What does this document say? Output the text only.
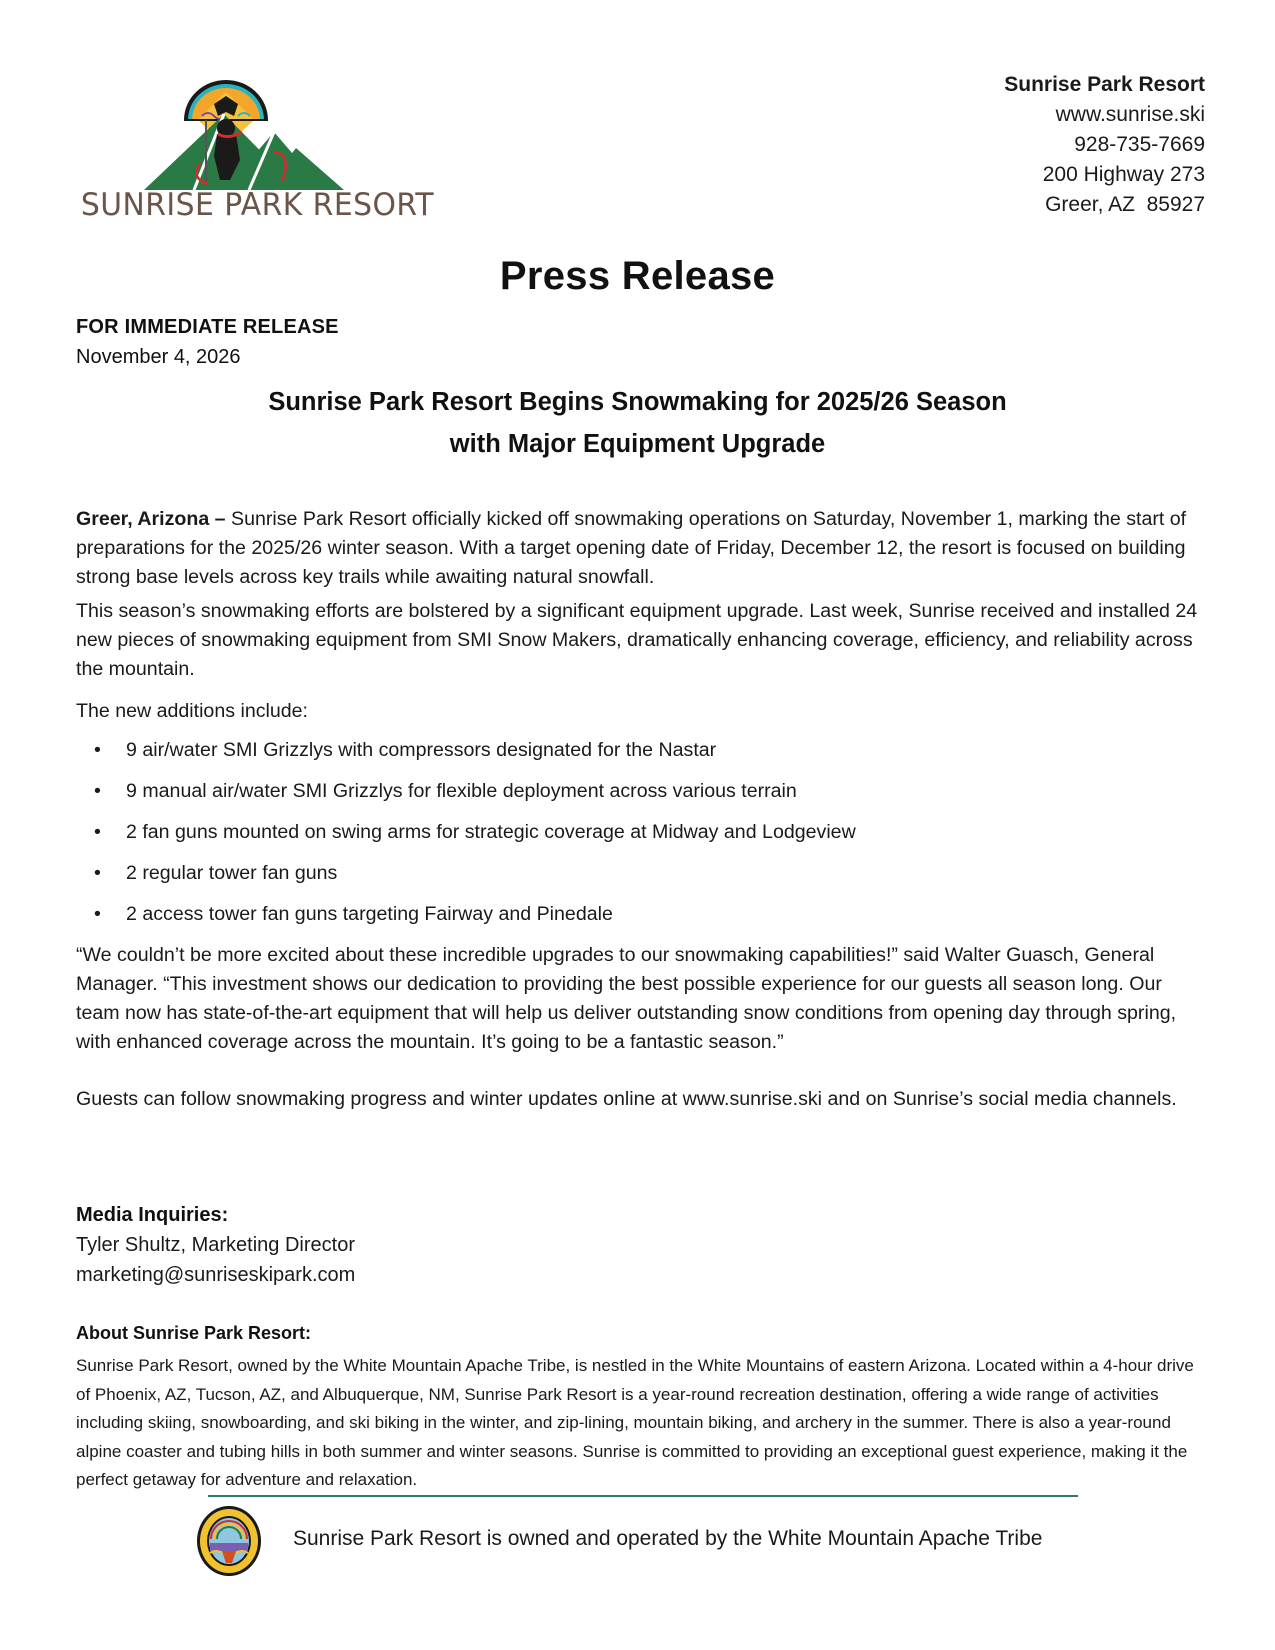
SUNRISE PARK RESORT
Sunrise Park Resort
www.sunrise.ski
928-735-7669
200 Highway 273
Greer, AZ  85927
Press Release
FOR IMMEDIATE RELEASE
November 4, 2026
Sunrise Park Resort Begins Snowmaking for 2025/26 Season
with Major Equipment Upgrade
Greer, Arizona – Sunrise Park Resort officially kicked off snowmaking operations on Saturday, November 1, marking the start of preparations for the 2025/26 winter season. With a target opening date of Friday, December 12, the resort is focused on building strong base levels across key trails while awaiting natural snowfall.
This season’s snowmaking efforts are bolstered by a significant equipment upgrade. Last week, Sunrise received and installed 24 new pieces of snowmaking equipment from SMI Snow Makers, dramatically enhancing coverage, efficiency, and reliability across the mountain.
The new additions include:
• 9 air/water SMI Grizzlys with compressors designated for the Nastar
• 9 manual air/water SMI Grizzlys for flexible deployment across various terrain
• 2 fan guns mounted on swing arms for strategic coverage at Midway and Lodgeview
• 2 regular tower fan guns
• 2 access tower fan guns targeting Fairway and Pinedale
“We couldn’t be more excited about these incredible upgrades to our snowmaking capabilities!” said Walter Guasch, General Manager. “This investment shows our dedication to providing the best possible experience for our guests all season long. Our team now has state-of-the-art equipment that will help us deliver outstanding snow conditions from opening day through spring, with enhanced coverage across the mountain. It’s going to be a fantastic season.”
Guests can follow snowmaking progress and winter updates online at www.sunrise.ski and on Sunrise’s social media channels.
Media Inquiries:
Tyler Shultz, Marketing Director
marketing@sunriseskipark.com
About Sunrise Park Resort:
Sunrise Park Resort, owned by the White Mountain Apache Tribe, is nestled in the White Mountains of eastern Arizona. Located within a 4-hour drive of Phoenix, AZ, Tucson, AZ, and Albuquerque, NM, Sunrise Park Resort is a year-round recreation destination, offering a wide range of activities including skiing, snowboarding, and ski biking in the winter, and zip-lining, mountain biking, and archery in the summer. There is also a year-round alpine coaster and tubing hills in both summer and winter seasons. Sunrise is committed to providing an exceptional guest experience, making it the perfect getaway for adventure and relaxation.
Sunrise Park Resort is owned and operated by the White Mountain Apache Tribe
